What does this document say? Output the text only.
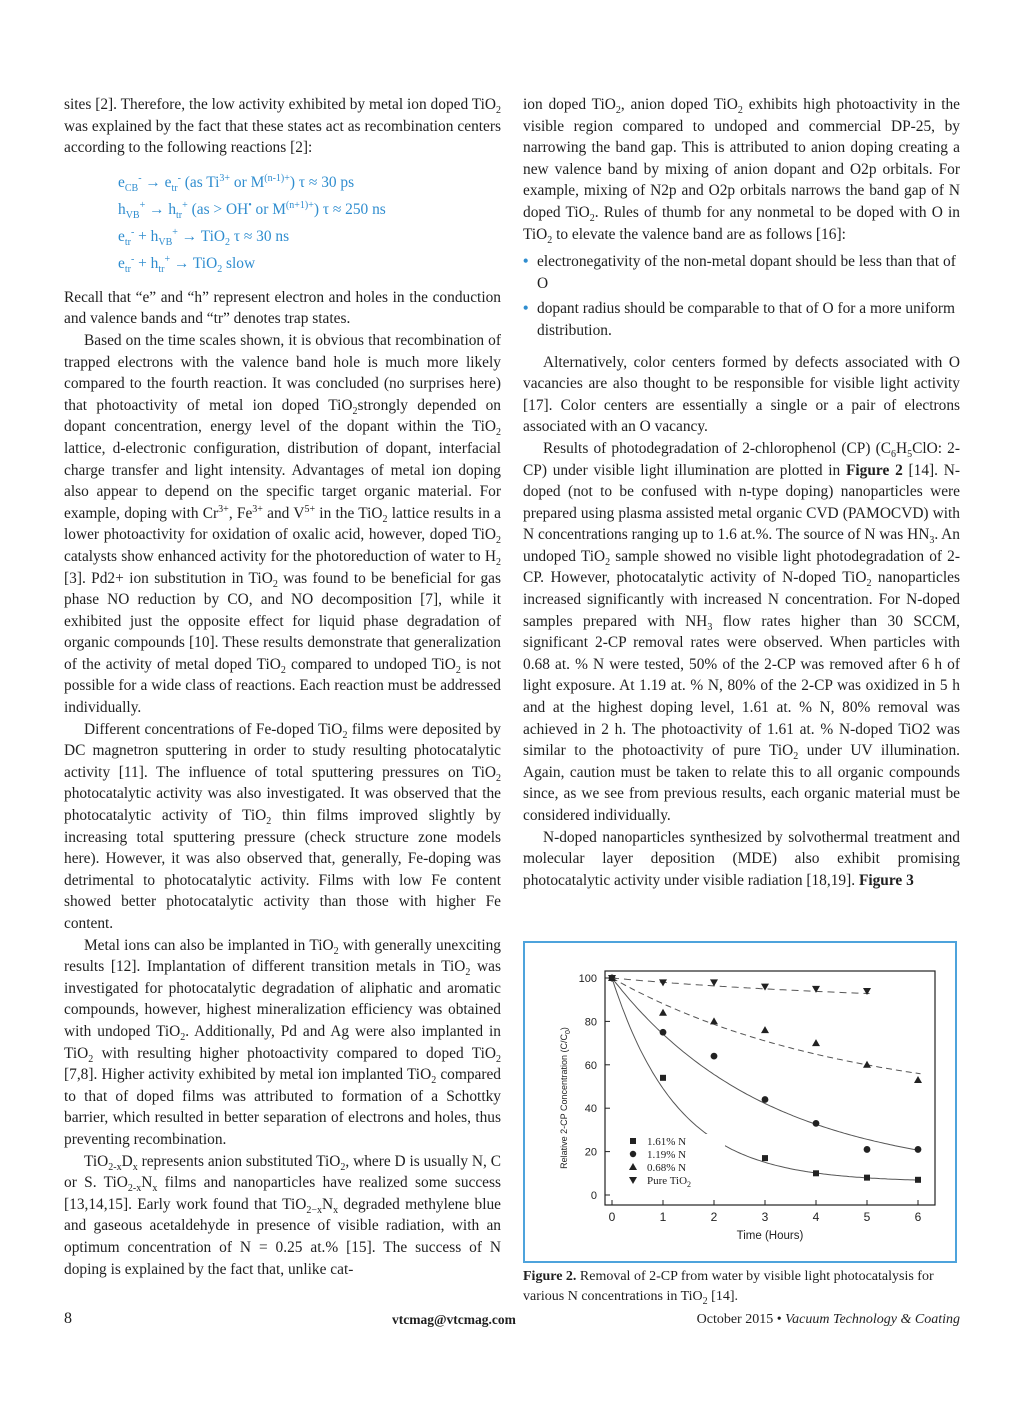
sites [2]. Therefore, the low activity exhibited by metal ion doped TiO$_2$ was explained by the fact that these states act as recombination centers according to the following reactions [2]:

$e_{CB}^- \to e_{tr}^-$ (as $Ti^{3+}$ or $M^{(n-1)+}$) τ ≈ 30 ps
$h_{VB}^+ \to h_{tr}^+$ (as > OH• or $M^{(n+1)+}$) τ ≈ 250 ns
$e_{tr}^- + h_{VB}^+ \to TiO_2$ τ ≈ 30 ns
$e_{tr}^- + h_{tr}^+ \to TiO_2$ slow

Recall that “e” and “h” represent electron and holes in the conduction and valence bands and “tr” denotes trap states.

Based on the time scales shown, it is obvious that recombination of trapped electrons with the valence band hole is much more likely compared to the fourth reaction. It was concluded (no surprises here) that photoactivity of metal ion doped TiO$_2$strongly depended on dopant concentration, energy level of the dopant within the TiO$_2$ lattice, d-electronic configuration, distribution of dopant, interfacial charge transfer and light intensity. Advantages of metal ion doping also appear to depend on the specific target organic material. For example, doping with $Cr^{3+}$, $Fe^{3+}$ and $V^{5+}$ in the TiO$_2$ lattice results in a lower photoactivity for oxidation of oxalic acid, however, doped TiO$_2$ catalysts show enhanced activity for the photoreduction of water to $H_2$ [3]. Pd2+ ion substitution in TiO$_2$ was found to be beneficial for gas phase NO reduction by CO, and NO decomposition [7], while it exhibited just the opposite effect for liquid phase degradation of organic compounds [10]. These results demonstrate that generalization of the activity of metal doped TiO$_2$ compared to undoped TiO$_2$ is not possible for a wide class of reactions. Each reaction must be addressed individually.

Different concentrations of Fe-doped TiO$_2$ films were deposited by DC magnetron sputtering in order to study resulting photocatalytic activity [11]. The influence of total sputtering pressures on TiO$_2$ photocatalytic activity was also investigated. It was observed that the photocatalytic activity of TiO$_2$ thin films improved slightly by increasing total sputtering pressure (check structure zone models here). However, it was also observed that, generally, Fe-doping was detrimental to photocatalytic activity. Films with low Fe content showed better photocatalytic activity than those with higher Fe content.

Metal ions can also be implanted in TiO$_2$ with generally unexciting results [12]. Implantation of different transition metals in TiO$_2$ was investigated for photocatalytic degradation of aliphatic and aromatic compounds, however, highest mineralization efficiency was obtained with undoped TiO$_2$. Additionally, Pd and Ag were also implanted in TiO$_2$ with resulting higher photoactivity compared to doped TiO$_2$ [7,8]. Higher activity exhibited by metal ion implanted TiO$_2$ compared to that of doped films was attributed to formation of a Schottky barrier, which resulted in better separation of electrons and holes, thus preventing recombination.

$TiO_{2-x}D_x$ represents anion substituted TiO$_2$, where D is usually N, C or S. $TiO_{2-x}N_x$ films and nanoparticles have realized some success [13,14,15]. Early work found that $TiO_{2-x}N_x$ degraded methylene blue and gaseous acetaldehyde in presence of visible radiation, with an optimum concentration of N = 0.25 at.% [15]. The success of N doping is explained by the fact that, unlike cat-

ion doped TiO$_2$, anion doped TiO$_2$ exhibits high photoactivity in the visible region compared to undoped and commercial DP-25, by narrowing the band gap. This is attributed to anion doping creating a new valence band by mixing of anion dopant and O2p orbitals. For example, mixing of N2p and O2p orbitals narrows the band gap of N doped TiO$_2$. Rules of thumb for any nonmetal to be doped with O in TiO$_2$ to elevate the valence band are as follows [16]:

• electronegativity of the non-metal dopant should be less than that of O
• dopant radius should be comparable to that of O for a more uniform distribution.

Alternatively, color centers formed by defects associated with O vacancies are also thought to be responsible for visible light activity [17]. Color centers are essentially a single or a pair of electrons associated with an O vacancy.

Results of photodegradation of 2-chlorophenol (CP) ($C_6H_5ClO$: 2-CP) under visible light illumination are plotted in Figure 2 [14]. N-doped (not to be confused with n-type doping) nanoparticles were prepared using plasma assisted metal organic CVD (PAMOCVD) with N concentrations ranging up to 1.6 at.%. The source of N was $HN_3$. An undoped TiO$_2$ sample showed no visible light photodegradation of 2-CP. However, photocatalytic activity of N-doped TiO$_2$ nanoparticles increased significantly with increased N concentration. For N-doped samples prepared with $NH_3$ flow rates higher than 30 SCCM, significant 2-CP removal rates were observed. When particles with 0.68 at. % N were tested, 50% of the 2-CP was removed after 6 h of light exposure. At 1.19 at. % N, 80% of the 2-CP was oxidized in 5 h and at the highest doping level, 1.61 at. % N, 80% removal was achieved in 2 h. The photoactivity of 1.61 at. % N-doped TiO2 was similar to the photoactivity of pure TiO$_2$ under UV illumination. Again, caution must be taken to relate this to all organic compounds since, as we see from previous results, each organic material must be considered individually.

N-doped nanoparticles synthesized by solvothermal treatment and molecular layer deposition (MDE) also exhibit promising photocatalytic activity under visible radiation [18,19]. Figure 3

0	1	2	3	4	5	6
0
20
40
60
80
100
Time (Hours)
Relative 2-CP Concentration $(C/C_0)$
1.61% N
1.19% N
0.68% N
Pure TiO$_2$
Figure 2. Removal of 2-CP from water by visible light photocatalysis for various N concentrations in TiO$_2$ [14].
8	vtcmag@vtcmag.com	October 2015 • Vacuum Technology & Coating
